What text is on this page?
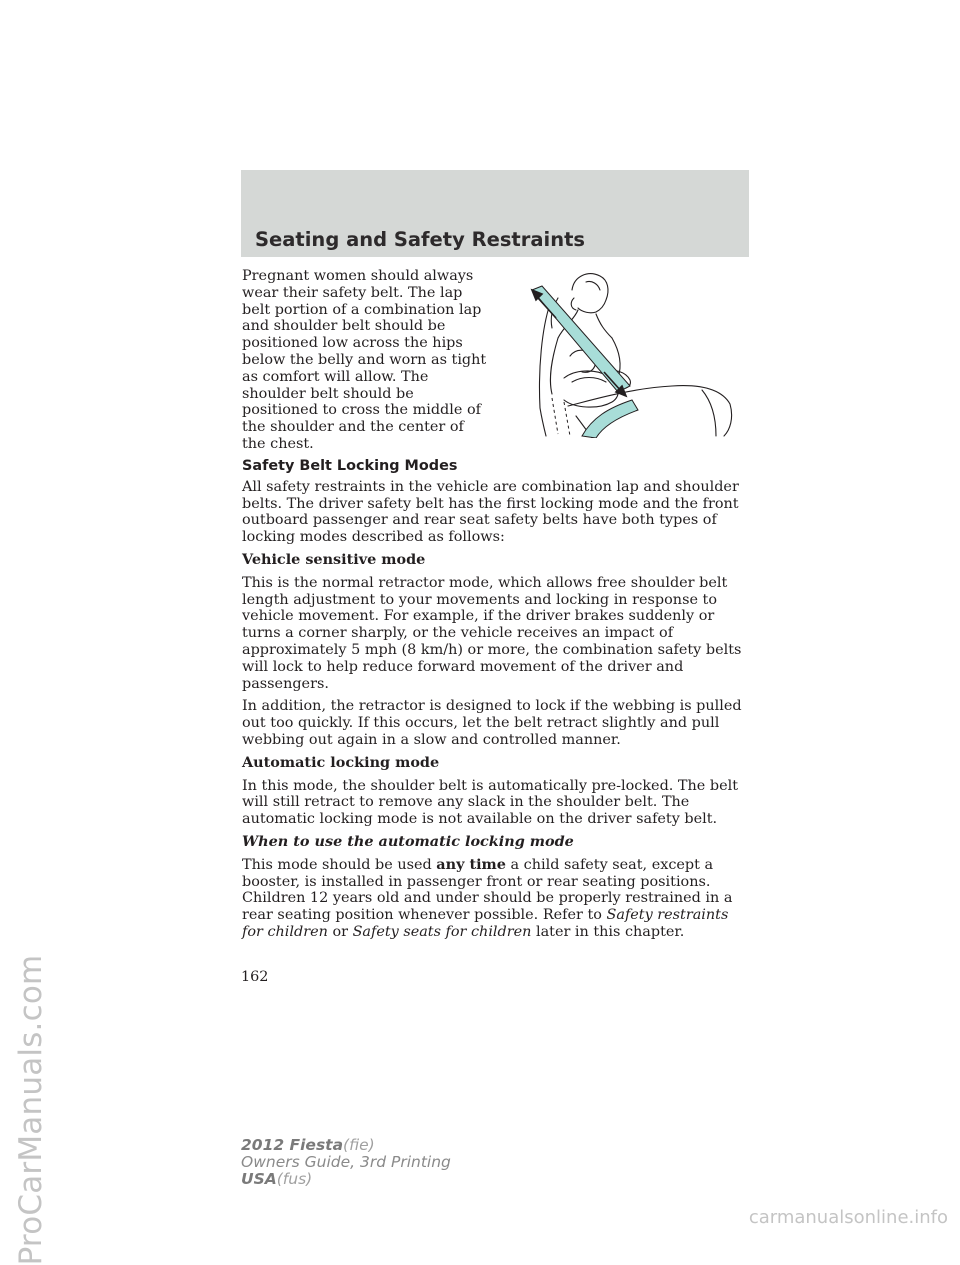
ProCarManuals.com
Seating and Safety Restraints

Pregnant women should always wear their safety belt. The lap belt portion of a combination lap and shoulder belt should be positioned low across the hips below the belly and worn as tight as comfort will allow. The shoulder belt should be positioned to cross the middle of the shoulder and the center of the chest.

Safety Belt Locking Modes

All safety restraints in the vehicle are combination lap and shoulder belts. The driver safety belt has the first locking mode and the front outboard passenger and rear seat safety belts have both types of locking modes described as follows:

Vehicle sensitive mode

This is the normal retractor mode, which allows free shoulder belt length adjustment to your movements and locking in response to vehicle movement. For example, if the driver brakes suddenly or turns a corner sharply, or the vehicle receives an impact of approximately 5 mph (8 km/h) or more, the combination safety belts will lock to help reduce forward movement of the driver and passengers.

In addition, the retractor is designed to lock if the webbing is pulled out too quickly. If this occurs, let the belt retract slightly and pull webbing out again in a slow and controlled manner.

Automatic locking mode

In this mode, the shoulder belt is automatically pre-locked. The belt will still retract to remove any slack in the shoulder belt. The automatic locking mode is not available on the driver safety belt.

When to use the automatic locking mode

This mode should be used any time a child safety seat, except a booster, is installed in passenger front or rear seating positions. Children 12 years old and under should be properly restrained in a rear seating position whenever possible. Refer to Safety restraints for children or Safety seats for children later in this chapter.

162
2012 Fiesta(fie)
Owners Guide, 3rd Printing
USA(fus)
carmanualsonline.info
